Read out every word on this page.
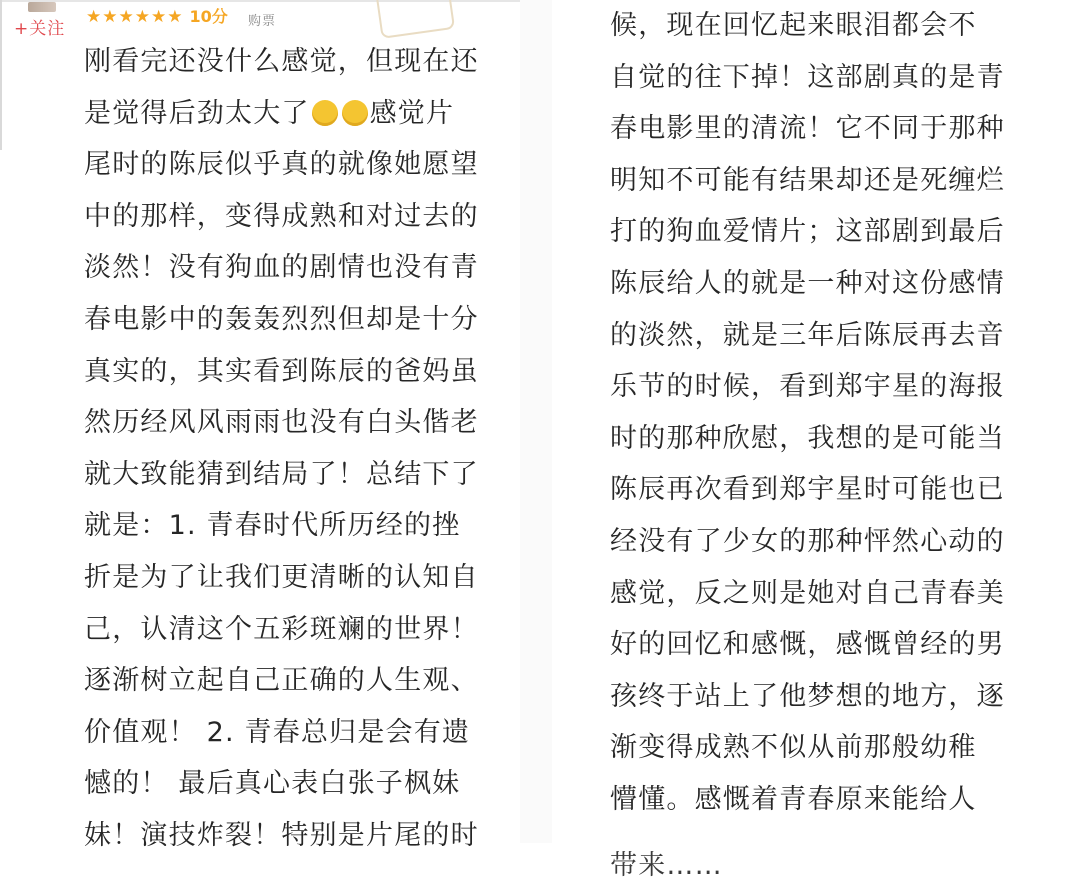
+关注
★ ★ ★ ★ ★ ★ 10分 购票
刚看完还没什么感觉，但现在还
是觉得后劲太大了 感觉片
尾时的陈辰似乎真的就像她愿望
中的那样，变得成熟和对过去的
淡然！没有狗血的剧情也没有青
春电影中的轰轰烈烈但却是十分
真实的，其实看到陈辰的爸妈虽
然历经风风雨雨也没有白头偕老
就大致能猜到结局了！总结下了
就是：1. 青春时代所历经的挫
折是为了让我们更清晰的认知自
己，认清这个五彩斑斓的世界！
逐渐树立起自己正确的人生观、
价值观！ 2. 青春总归是会有遗
憾的！ 最后真心表白张子枫妹
妹！演技炸裂！特别是片尾的时
候，现在回忆起来眼泪都会不
自觉的往下掉！这部剧真的是青
春电影里的清流！它不同于那种
明知不可能有结果却还是死缠烂
打的狗血爱情片；这部剧到最后
陈辰给人的就是一种对这份感情
的淡然，就是三年后陈辰再去音
乐节的时候，看到郑宇星的海报
时的那种欣慰，我想的是可能当
陈辰再次看到郑宇星时可能也已
经没有了少女的那种怦然心动的
感觉，反之则是她对自己青春美
好的回忆和感慨，感慨曾经的男
孩终于站上了他梦想的地方，逐
渐变得成熟不似从前那般幼稚
懵懂。感慨着青春原来能给人
带来……
